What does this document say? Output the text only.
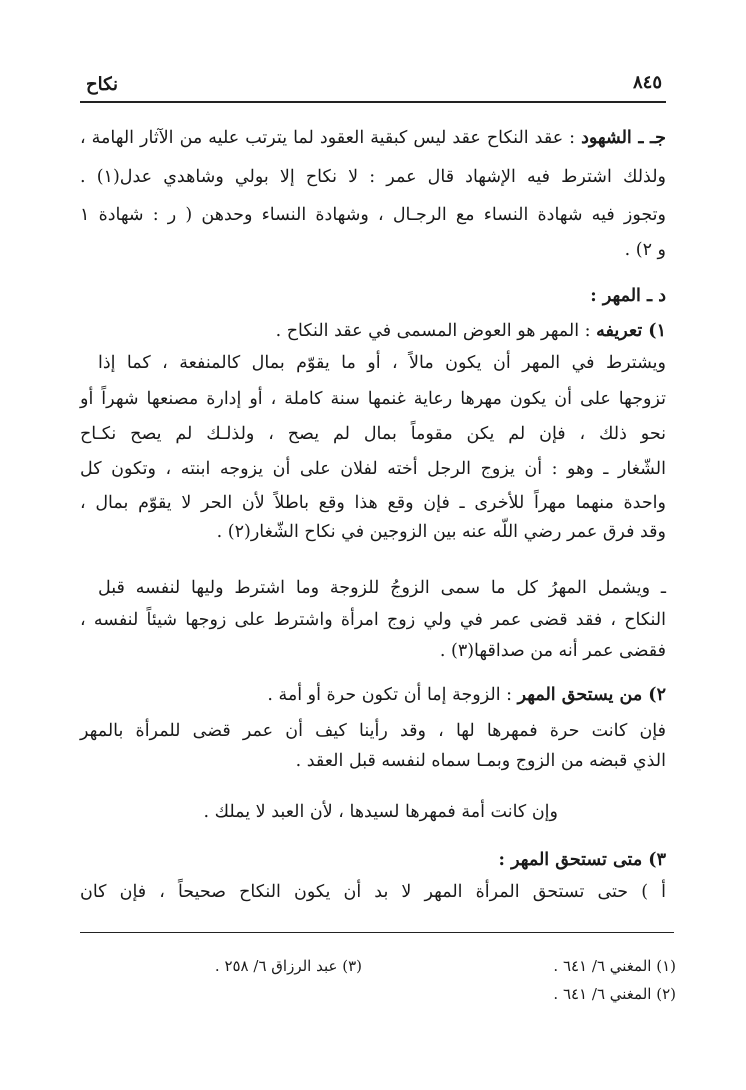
نكاح	٨٤٥
جـ ـ الشهود : عقد النكاح عقد ليس كبقية العقود لما يترتب عليه من الآثار الهامة ،
ولذلك اشترط فيه الإشهاد قال عمر : لا نكاح إلا بولي وشاهدي عدل(١) .
وتجوز فيه شهادة النساء مع الرجـال ، وشهادة النساء وحدهن ( ر : شهادة ١
و ٢) .
د ـ المهر :
١) تعريفه : المهر هو العوض المسمى في عقد النكاح .
ويشترط في المهر أن يكون مالاً ، أو ما يقوّم بمال كالمنفعة ، كما إذا
تزوجها على أن يكون مهرها رعاية غنمها سنة كاملة ، أو إدارة مصنعها شهراً أو
نحو ذلك ، فإن لم يكن مقوماً بمال لم يصح ، ولذلـك لم يصح نكـاح
الشّغار ـ وهو : أن يزوج الرجل أخته لفلان على أن يزوجه ابنته ، وتكون كل
واحدة منهما مهراً للأخرى ـ فإن وقع هذا وقع باطلاً لأن الحر لا يقوّم بمال ،
وقد فرق عمر رضي اللّه عنه بين الزوجين في نكاح الشّغار(٢) .
ـ ويشمل المهرُ كل ما سمى الزوجُ للزوجة وما اشترط وليها لنفسه قبل
النكاح ، فقد قضى عمر في ولي زوج امرأة واشترط على زوجها شيئاً لنفسه ،
فقضى عمر أنه من صداقها(٣) .
٢) من يستحق المهر : الزوجة إما أن تكون حرة أو أمة .
فإن كانت حرة فمهرها لها ، وقد رأينا كيف أن عمر قضى للمرأة بالمهر
الذي قبضه من الزوج وبمـا سماه لنفسه قبل العقد .
وإن كانت أمة فمهرها لسيدها ، لأن العبد لا يملك .
٣) متى تستحق المهر :
أ ) حتى تستحق المرأة المهر لا بد أن يكون النكاح صحيحاً ، فإن كان
(١) المغني ٦/ ٦٤١ .
(٣) عبد الرزاق ٦/ ٢٥٨ .
(٢) المغني ٦/ ٦٤١ .
